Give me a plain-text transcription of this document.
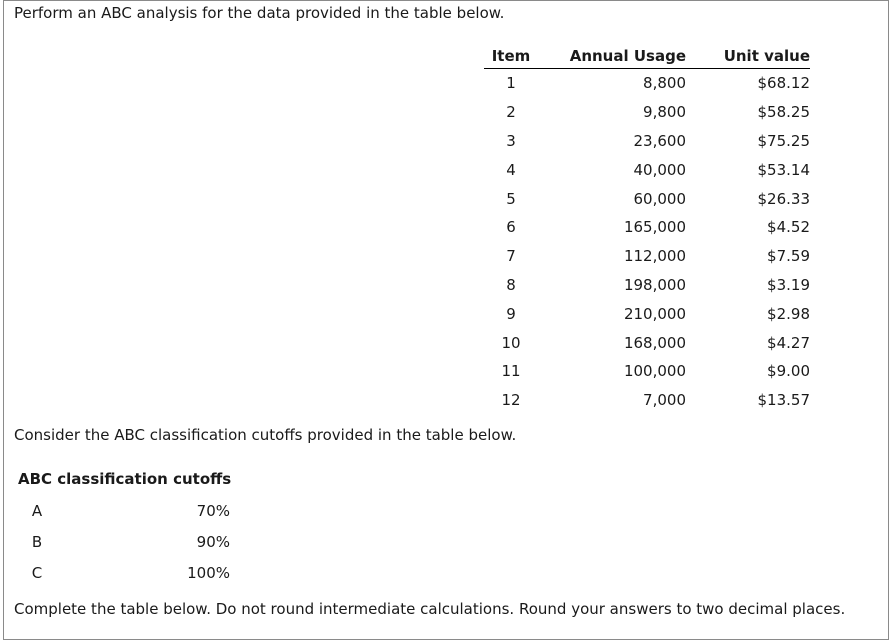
Perform an ABC analysis for the data provided in the table below.
Item	Annual Usage	Unit value
1	8,800	$68.12
2	9,800	$58.25
3	23,600	$75.25
4	40,000	$53.14
5	60,000	$26.33
6	165,000	$4.52
7	112,000	$7.59
8	198,000	$3.19
9	210,000	$2.98
10	168,000	$4.27
11	100,000	$9.00
12	7,000	$13.57
Consider the ABC classification cutoffs provided in the table below.
ABC classification cutoffs
A	70%
B	90%
C	100%
Complete the table below. Do not round intermediate calculations. Round your answers to two decimal places.
